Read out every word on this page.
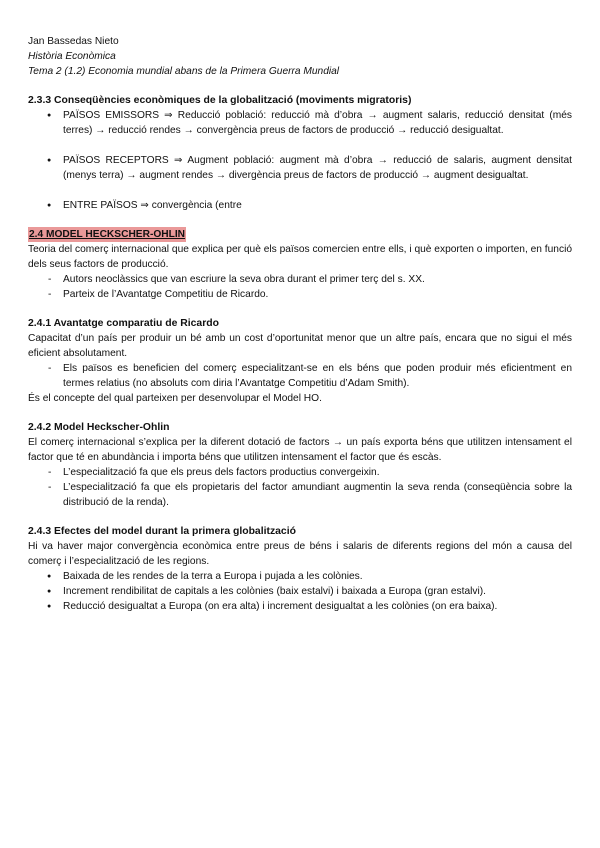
Jan Bassedas Nieto
Història Econòmica
Tema 2 (1.2) Economia mundial abans de la Primera Guerra Mundial
2.3.3 Conseqüències econòmiques de la globalització (moviments migratoris)
● PAÏSOS EMISSORS ⇒ Reducció població: reducció mà d’obra → augment salaris, reducció densitat (més terres) → reducció rendes → convergència preus de factors de producció → reducció desigualtat.
● PAÏSOS RECEPTORS ⇒ Augment població: augment mà d’obra → reducció de salaris, augment densitat (menys terra) → augment rendes → divergència preus de factors de producció → augment desigualtat.
● ENTRE PAÏSOS ⇒ convergència (entre
2.4 MODEL HECKSCHER-OHLIN

Teoria del comerç internacional que explica per què els països comercien entre ells, i què exporten o importen, en funció dels seus factors de producció.

- Autors neoclàssics que van escriure la seva obra durant el primer terç del s. XX.
- Parteix de l’Avantatge Competitiu de Ricardo.
2.4.1 Avantatge comparatiu de Ricardo

Capacitat d’un país per produir un bé amb un cost d’oportunitat menor que un altre país, encara que no sigui el més eficient absolutament.

- Els països es beneficien del comerç especialitzant-se en els béns que poden produir més eficientment en termes relatius (no absoluts com diria l’Avantatge Competitiu d’Adam Smith).

És el concepte del qual parteixen per desenvolupar el Model HO.

2.4.2 Model Heckscher-Ohlin

El comerç internacional s’explica per la diferent dotació de factors → un país exporta béns que utilitzen intensament el factor que té en abundància i importa béns que utilitzen intensament el factor que és escàs.

- L’especialització fa que els preus dels factors productius convergeixin.
- L’especialització fa que els propietaris del factor amundiant augmentin la seva renda (conseqüència sobre la distribució de la renda).
2.4.3 Efectes del model durant la primera globalització

Hi va haver major convergència econòmica entre preus de béns i salaris de diferents regions del món a causa del comerç i l’especialització de les regions.

● Baixada de les rendes de la terra a Europa i pujada a les colònies.
● Increment rendibilitat de capitals a les colònies (baix estalvi) i baixada a Europa (gran estalvi).
● Reducció desigualtat a Europa (on era alta) i increment desigualtat a les colònies (on era baixa).
